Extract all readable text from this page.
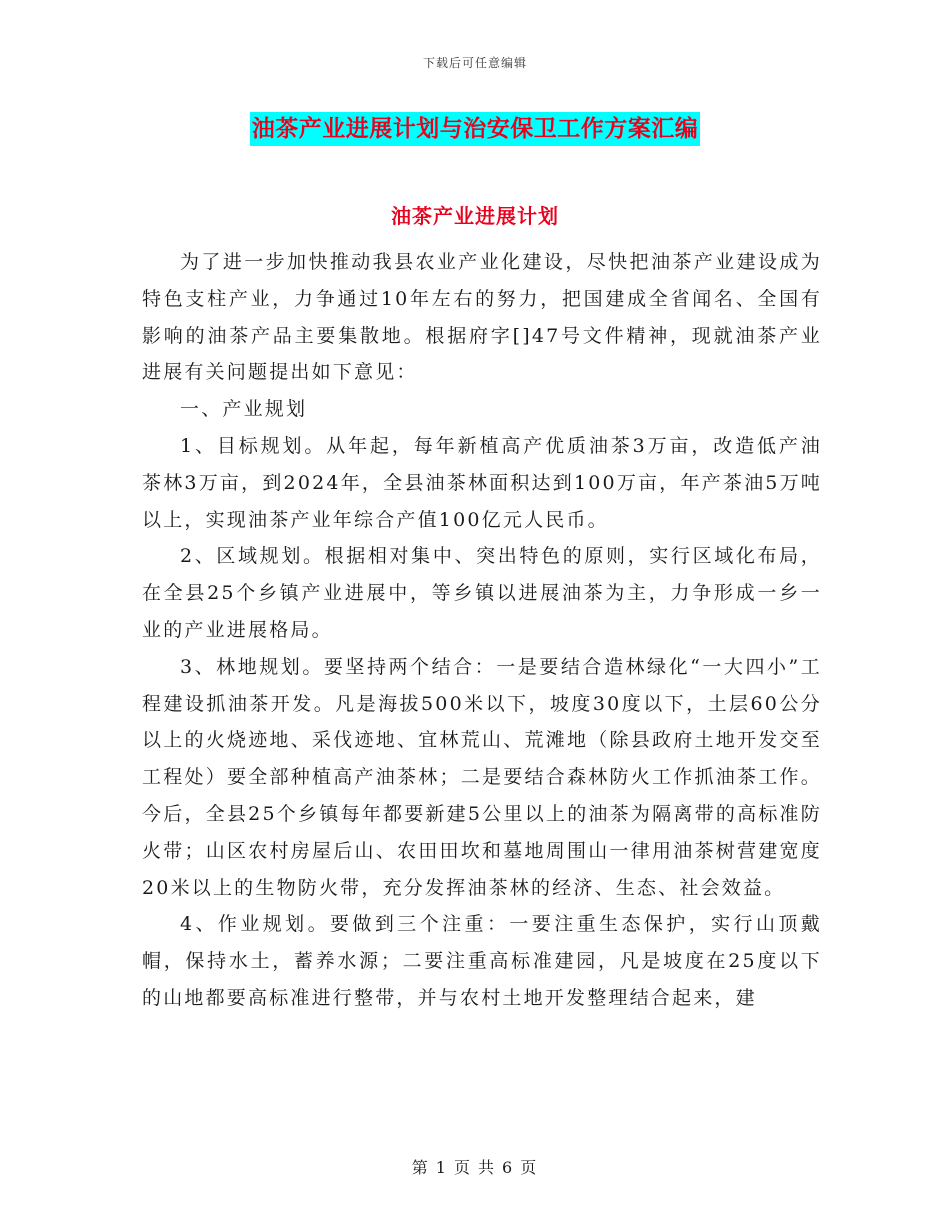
下载后可任意编辑
油茶产业进展计划与治安保卫工作方案汇编
油茶产业进展计划

为了进一步加快推动我县农业产业化建设，尽快把油茶产业建设成为特色支柱产业，力争通过10年左右的努力，把国建成全省闻名、全国有影响的油茶产品主要集散地。根据府字[]47号文件精神，现就油茶产业进展有关问题提出如下意见：

一、产业规划

1、目标规划。从年起，每年新植高产优质油茶3万亩，改造低产油茶林3万亩，到2024年，全县油茶林面积达到100万亩，年产茶油5万吨以上，实现油茶产业年综合产值100亿元人民币。

2、区域规划。根据相对集中、突出特色的原则，实行区域化布局，在全县25个乡镇产业进展中，等乡镇以进展油茶为主，力争形成一乡一业的产业进展格局。

3、林地规划。要坚持两个结合：一是要结合造林绿化“一大四小”工程建设抓油茶开发。凡是海拔500米以下，坡度30度以下，土层60公分以上的火烧迹地、采伐迹地、宜林荒山、荒滩地（除县政府土地开发交至工程处）要全部种植高产油茶林；二是要结合森林防火工作抓油茶工作。今后，全县25个乡镇每年都要新建5公里以上的油茶为隔离带的高标准防火带；山区农村房屋后山、农田田坎和墓地周围山一律用油茶树营建宽度20米以上的生物防火带，充分发挥油茶林的经济、生态、社会效益。

4、作业规划。要做到三个注重：一要注重生态保护，实行山顶戴帽，保持水土，蓄养水源；二要注重高标准建园，凡是坡度在25度以下的山地都要高标准进行整带，并与农村土地开发整理结合起来，建

第 1 页 共 6 页
